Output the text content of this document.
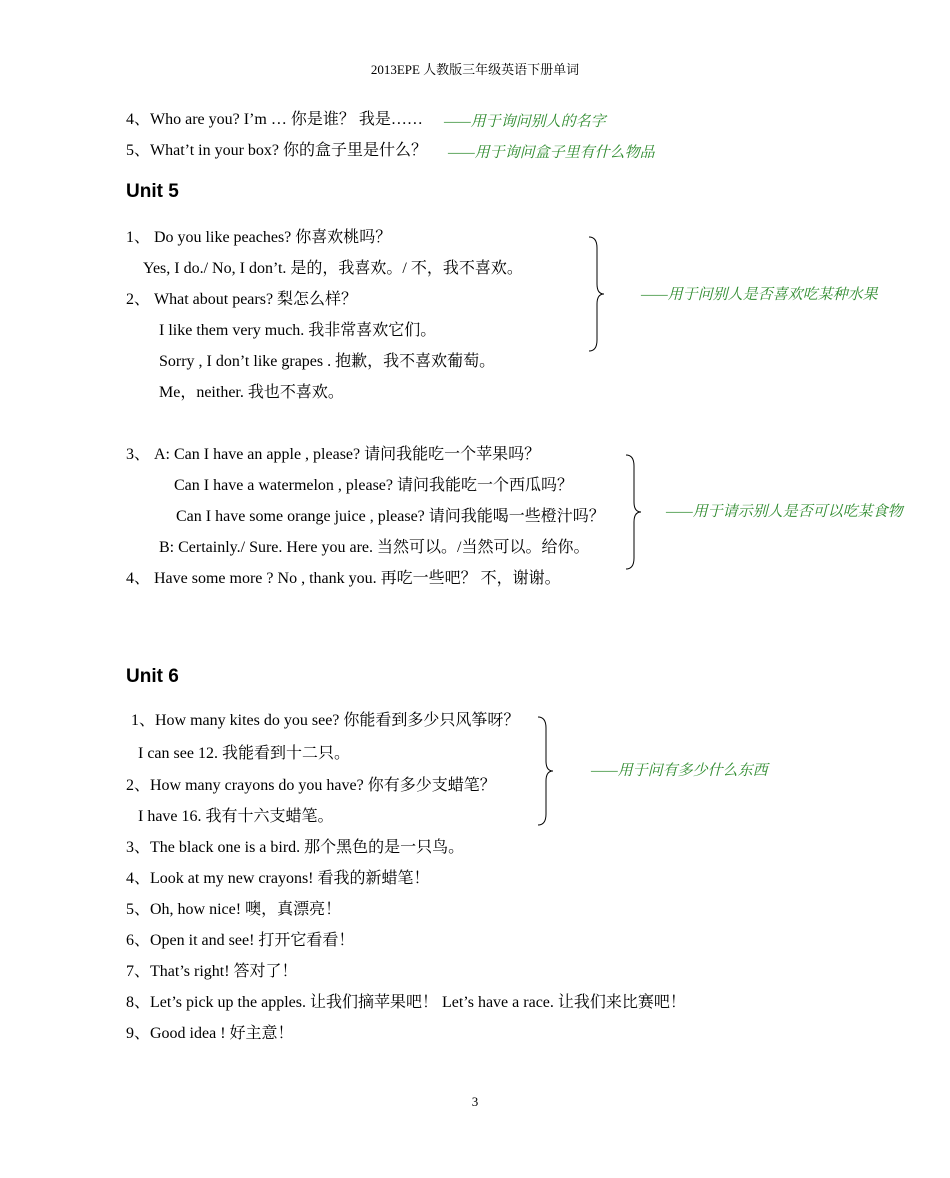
2013EPE 人教版三年级英语下册单词
4、Who are you? I’m … 你是谁？ 我是…… ——用于询问别人的名字
5、What’t in your box? 你的盒子里是什么？ ——用于询问盒子里有什么物品
Unit 5
1、 Do you like peaches? 你喜欢桃吗？
Yes, I do./ No, I don’t. 是的，我喜欢。/ 不，我不喜欢。
2、 What about pears? 梨怎么样？
I like them very much. 我非常喜欢它们。
Sorry , I don’t like grapes . 抱歉，我不喜欢葡萄。
Me，neither. 我也不喜欢。
——用于问别人是否喜欢吃某种水果
3、 A: Can I have an apple , please? 请问我能吃一个苹果吗？
Can I have a watermelon , please? 请问我能吃一个西瓜吗？
Can I have some orange juice , please? 请问我能喝一些橙汁吗？
B: Certainly./ Sure. Here you are. 当然可以。/当然可以。给你。
4、 Have some more ? No , thank you. 再吃一些吧？ 不，谢谢。
——用于请示别人是否可以吃某食物
Unit 6
1、How many kites do you see? 你能看到多少只风筝呀？
I can see 12. 我能看到十二只。
2、How many crayons do you have? 你有多少支蜡笔？
I have 16. 我有十六支蜡笔。
3、The black one is a bird. 那个黑色的是一只鸟。
4、Look at my new crayons! 看我的新蜡笔！
5、Oh, how nice! 噢，真漂亮！
6、Open it and see! 打开它看看！
7、That’s right! 答对了！
8、Let’s pick up the apples. 让我们摘苹果吧！ Let’s have a race. 让我们来比赛吧！
9、Good idea ! 好主意！
——用于问有多少什么东西
3
